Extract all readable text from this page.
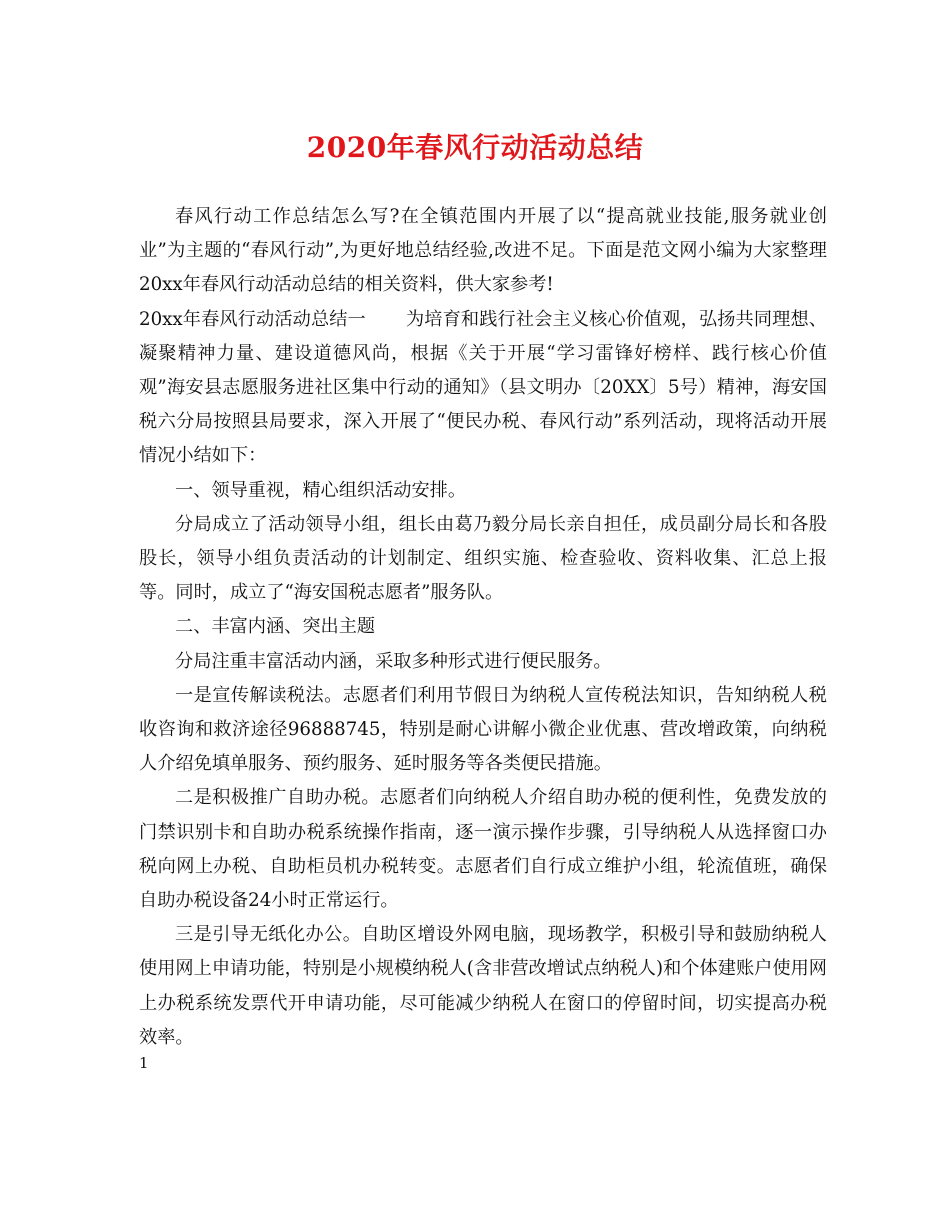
2020年春风行动活动总结

春风行动工作总结怎么写?在全镇范围内开展了以“提高就业技能,服务就业创业”为主题的“春风行动”,为更好地总结经验,改进不足。下面是范文网小编为大家整理20xx年春风行动活动总结的相关资料，供大家参考!

20xx年春风行动活动总结一 为培育和践行社会主义核心价值观，弘扬共同理想、凝聚精神力量、建设道德风尚，根据《关于开展“学习雷锋好榜样、践行核心价值观”海安县志愿服务进社区集中行动的通知》（县文明办〔20XX〕5号）精神，海安国税六分局按照县局要求，深入开展了“便民办税、春风行动”系列活动，现将活动开展情况小结如下：

一、领导重视，精心组织活动安排。

分局成立了活动领导小组，组长由葛乃毅分局长亲自担任，成员副分局长和各股股长，领导小组负责活动的计划制定、组织实施、检查验收、资料收集、汇总上报等。同时，成立了“海安国税志愿者”服务队。

二、丰富内涵、突出主题

分局注重丰富活动内涵，采取多种形式进行便民服务。

一是宣传解读税法。志愿者们利用节假日为纳税人宣传税法知识，告知纳税人税收咨询和救济途径96888745，特别是耐心讲解小微企业优惠、营改增政策，向纳税人介绍免填单服务、预约服务、延时服务等各类便民措施。

二是积极推广自助办税。志愿者们向纳税人介绍自助办税的便利性，免费发放的门禁识别卡和自助办税系统操作指南，逐一演示操作步骤，引导纳税人从选择窗口办税向网上办税、自助柜员机办税转变。志愿者们自行成立维护小组，轮流值班，确保自助办税设备24小时正常运行。

三是引导无纸化办公。自助区增设外网电脑，现场教学，积极引导和鼓励纳税人使用网上申请功能，特别是小规模纳税人(含非营改增试点纳税人)和个体建账户使用网上办税系统发票代开申请功能，尽可能减少纳税人在窗口的停留时间，切实提高办税效率。

1
